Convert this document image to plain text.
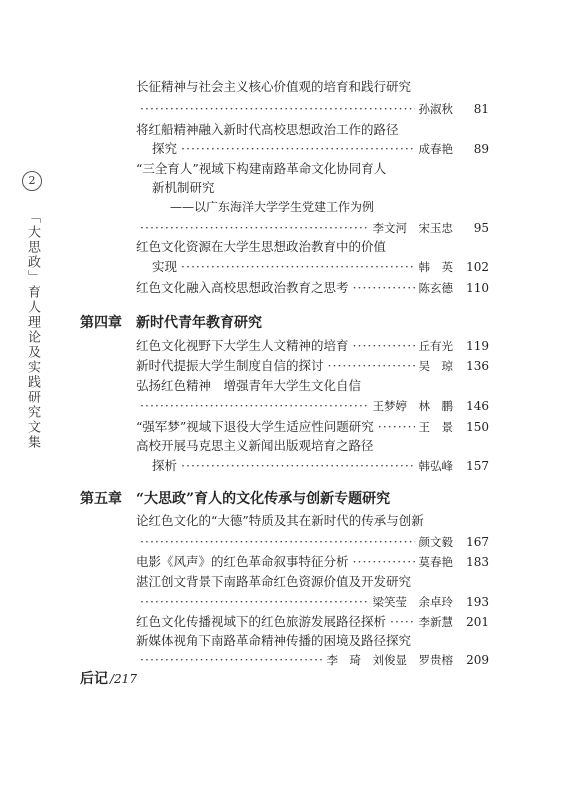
2
「大思政」育人理论及实践研究文集
长征精神与社会主义核心价值观的培育和践行研究
·····
孙淑秋	81
将红船精神融入新时代高校思想政治工作的路径
探究 ·····	成春艳	89
“三全育人”视域下构建南路革命文化协同育人
新机制研究
——以广东海洋大学学生党建工作为例
·····
李文河　宋玉忠	95
红色文化资源在大学生思想政治教育中的价值
实现 ·····	韩　英 102
红色文化融入高校思想政治教育之思考 ·····	陈玄德 110
第四章 新时代青年教育研究
红色文化视野下大学生人文精神的培育 ·····	丘有光 119
新时代提振大学生制度自信的探讨 ·····	吴　琼 136
弘扬红色精神　增强青年大学生文化自信
·····
王梦婷　林　鹏 146
“强军梦”视域下退役大学生适应性问题研究 ·····	王　景 150
高校开展马克思主义新闻出版观培育之路径
探析 ·····	韩弘峰 157
第五章 “大思政”育人的文化传承与创新专题研究
论红色文化的“大德”特质及其在新时代的传承与创新
·····
颜文毅 167
电影《风声》的红色革命叙事特征分析 ·····	莫春艳 183
湛江创文背景下南路革命红色资源价值及开发研究
·····
梁笑莹　余卓玲 193
红色文化传播视域下的红色旅游发展路径探析 ·····	李新慧 201
新媒体视角下南路革命精神传播的困境及路径探究
·····
李　琦　刘俊显　罗贵榕 209
后记 /217
